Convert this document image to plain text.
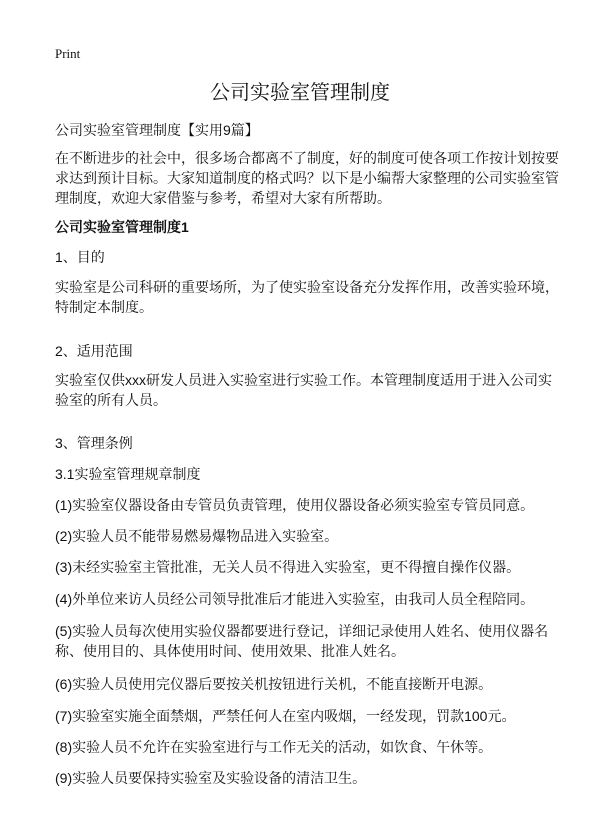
Print
公司实验室管理制度
公司实验室管理制度【实用9篇】
在不断进步的社会中，很多场合都离不了制度，好的制度可使各项工作按计划按要
求达到预计目标。大家知道制度的格式吗？以下是小编帮大家整理的公司实验室管
理制度，欢迎大家借鉴与参考，希望对大家有所帮助。
公司实验室管理制度1
1、目的
实验室是公司科研的重要场所，为了使实验室设备充分发挥作用，改善实验环境，
特制定本制度。
2、适用范围
实验室仅供xxx研发人员进入实验室进行实验工作。本管理制度适用于进入公司实
验室的所有人员。
3、管理条例
3.1实验室管理规章制度
(1)实验室仪器设备由专管员负责管理，使用仪器设备必须实验室专管员同意。
(2)实验人员不能带易燃易爆物品进入实验室。
(3)未经实验室主管批准，无关人员不得进入实验室，更不得擅自操作仪器。
(4)外单位来访人员经公司领导批准后才能进入实验室，由我司人员全程陪同。
(5)实验人员每次使用实验仪器都要进行登记，详细记录使用人姓名、使用仪器名
称、使用目的、具体使用时间、使用效果、批准人姓名。
(6)实验人员使用完仪器后要按关机按钮进行关机，不能直接断开电源。
(7)实验室实施全面禁烟，严禁任何人在室内吸烟，一经发现，罚款100元。
(8)实验人员不允许在实验室进行与工作无关的活动，如饮食、午休等。
(9)实验人员要保持实验室及实验设备的清洁卫生。
